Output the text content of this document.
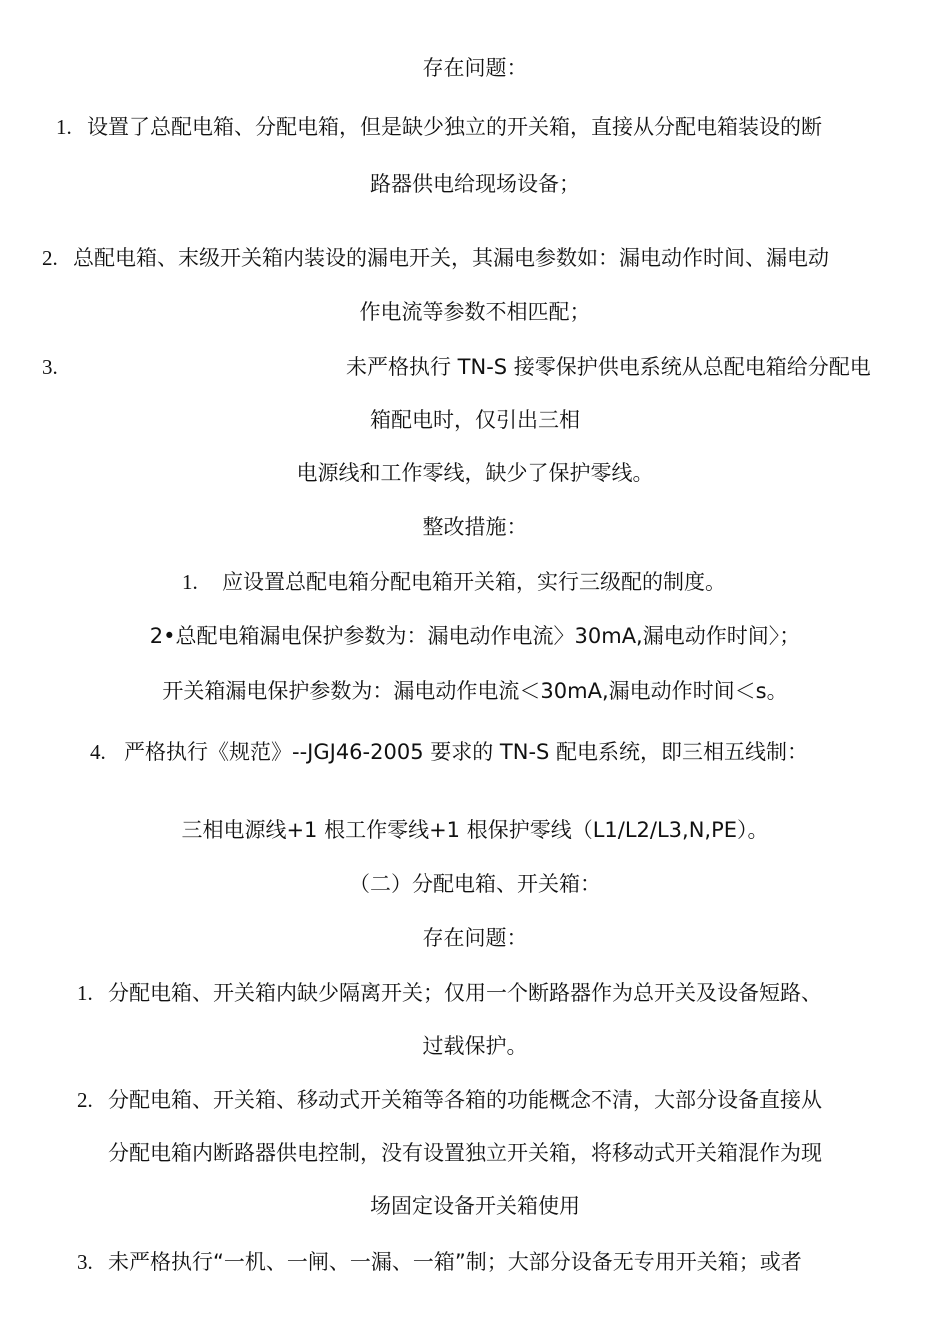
存在问题：
1. 设置了总配电箱、分配电箱，但是缺少独立的开关箱，直接从分配电箱装设的断
路器供电给现场设备；
2. 总配电箱、末级开关箱内装设的漏电开关，其漏电参数如：漏电动作时间、漏电动
作电流等参数不相匹配；
3.	未严格执行 TN-S 接零保护供电系统从总配电箱给分配电
箱配电时，仅引出三相
电源线和工作零线，缺少了保护零线。
整改措施：
1. 应设置总配电箱分配电箱开关箱，实行三级配的制度。
2•总配电箱漏电保护参数为：漏电动作电流〉30mA,漏电动作时间〉；
开关箱漏电保护参数为：漏电动作电流＜30mA,漏电动作时间＜s。
4. 严格执行《规范》--JGJ46-2005 要求的 TN-S 配电系统，即三相五线制：
三相电源线+1 根工作零线+1 根保护零线（L1/L2/L3,N,PE）。
（二）分配电箱、开关箱：
存在问题：
1. 分配电箱、开关箱内缺少隔离开关；仅用一个断路器作为总开关及设备短路、
过载保护。
2. 分配电箱、开关箱、移动式开关箱等各箱的功能概念不清，大部分设备直接从
分配电箱内断路器供电控制，没有设置独立开关箱，将移动式开关箱混作为现
场固定设备开关箱使用
3. 未严格执行“一机、一闸、一漏、一箱”制；大部分设备无专用开关箱；或者
